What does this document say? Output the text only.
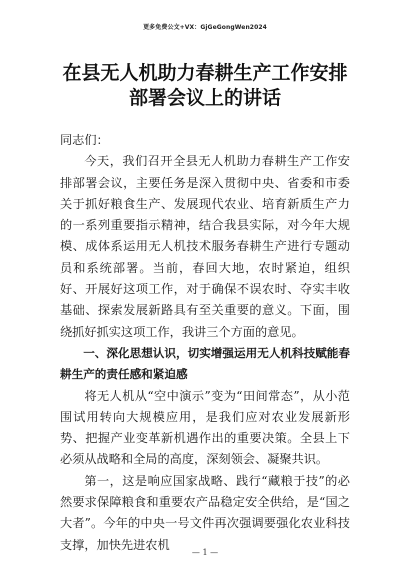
更多免费公文+VX：GjGeGongWen2024
在县无人机助力春耕生产工作安排部署会议上的讲话

同志们：

今天，我们召开全县无人机助力春耕生产工作安排部署会议，主要任务是深入贯彻中央、省委和市委关于抓好粮食生产、发展现代农业、培育新质生产力的一系列重要指示精神，结合我县实际，对今年大规模、成体系运用无人机技术服务春耕生产进行专题动员和系统部署。当前，春回大地，农时紧迫，组织好、开展好这项工作，对于确保不误农时、夺实丰收基础、探索发展新路具有至关重要的意义。下面，围绕抓好抓实这项工作，我讲三个方面的意见。

一、深化思想认识，切实增强运用无人机科技赋能春耕生产的责任感和紧迫感

将无人机从“空中演示”变为“田间常态”，从小范围试用转向大规模应用，是我们应对农业发展新形势、把握产业变革新机遇作出的重要决策。全县上下必须从战略和全局的高度，深刻领会、凝聚共识。

第一，这是响应国家战略、践行“藏粮于技”的必然要求保障粮食和重要农产品稳定安全供给，是“国之大者”。今年的中央一号文件再次强调要强化农业科技支撑，加快先进农机

— 1 —
